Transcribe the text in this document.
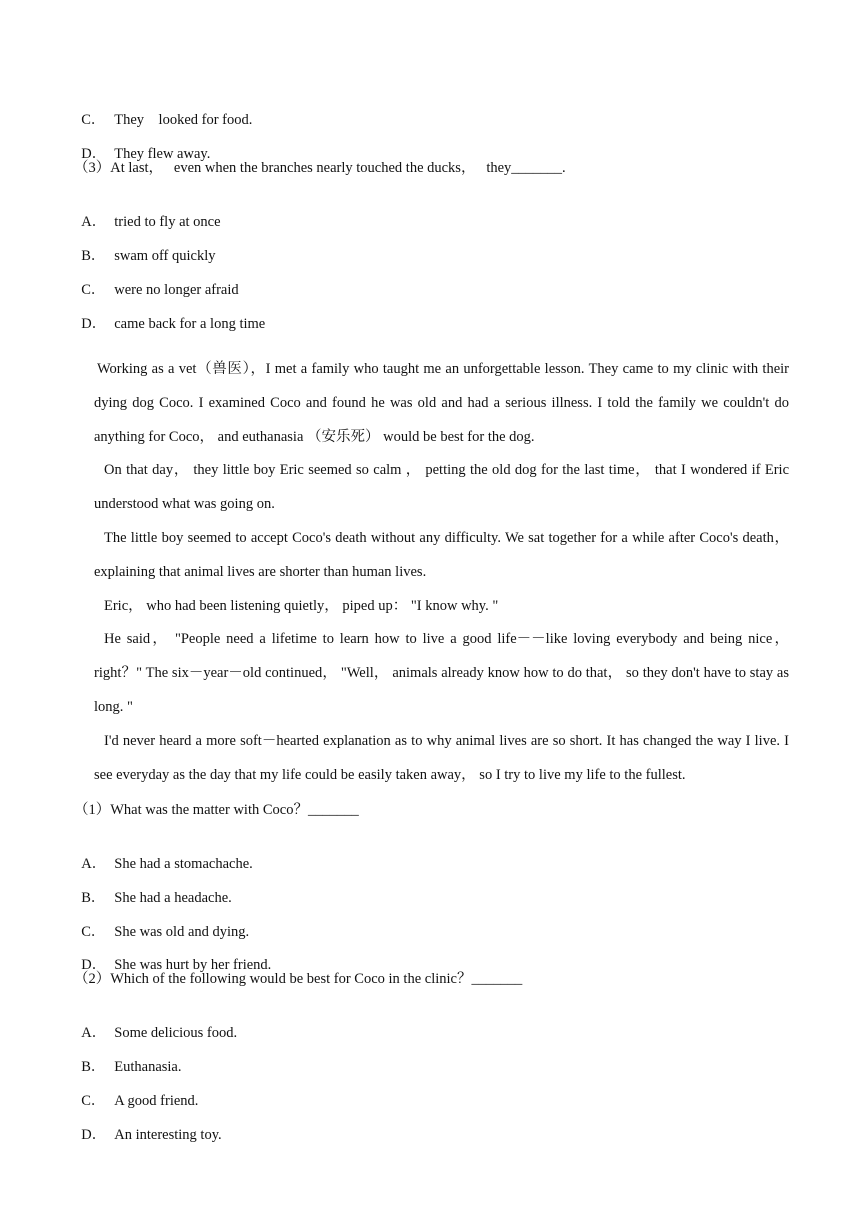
C． They    looked for food.

D． They flew away.

（3）At last，   even when the branches nearly touched the ducks，   they_______.

A． tried to fly at once

B． swam off quickly

C． were no longer afraid

D． came back for a long time

Working as a vet（兽医），I met a family who taught me an unforgettable lesson. They came to my clinic with their dying dog Coco. I examined Coco and found he was old and had a serious illness. I told the family we couldn't do anything for Coco， and euthanasia （安乐死） would be best for the dog.

On that day， they little boy Eric seemed so calm ， petting the old dog for the last time， that I wondered if Eric understood what was going on.

The little boy seemed to accept Coco's death without any difficulty. We sat together for a while after Coco's death， explaining that animal lives are shorter than human lives.

Eric， who had been listening quietly， piped up： "I know why. "

He said， "People need a lifetime to learn how to live a good life－－like loving everybody and being nice，right？" The six－year－old continued， "Well， animals already know how to do that， so they don't have to stay as long. "

I'd never heard a more soft－hearted explanation as to why animal lives are so short. It has changed the way I live. I see everyday as the day that my life could be easily taken away， so I try to live my life to the fullest.

（1）What was the matter with Coco？_______

A． She had a stomachache.

B． She had a headache.

C． She was old and dying.

D． She was hurt by her friend.

（2）Which of the following would be best for Coco in the clinic？_______

A． Some delicious food.

B． Euthanasia.

C． A good friend.

D． An interesting toy.
